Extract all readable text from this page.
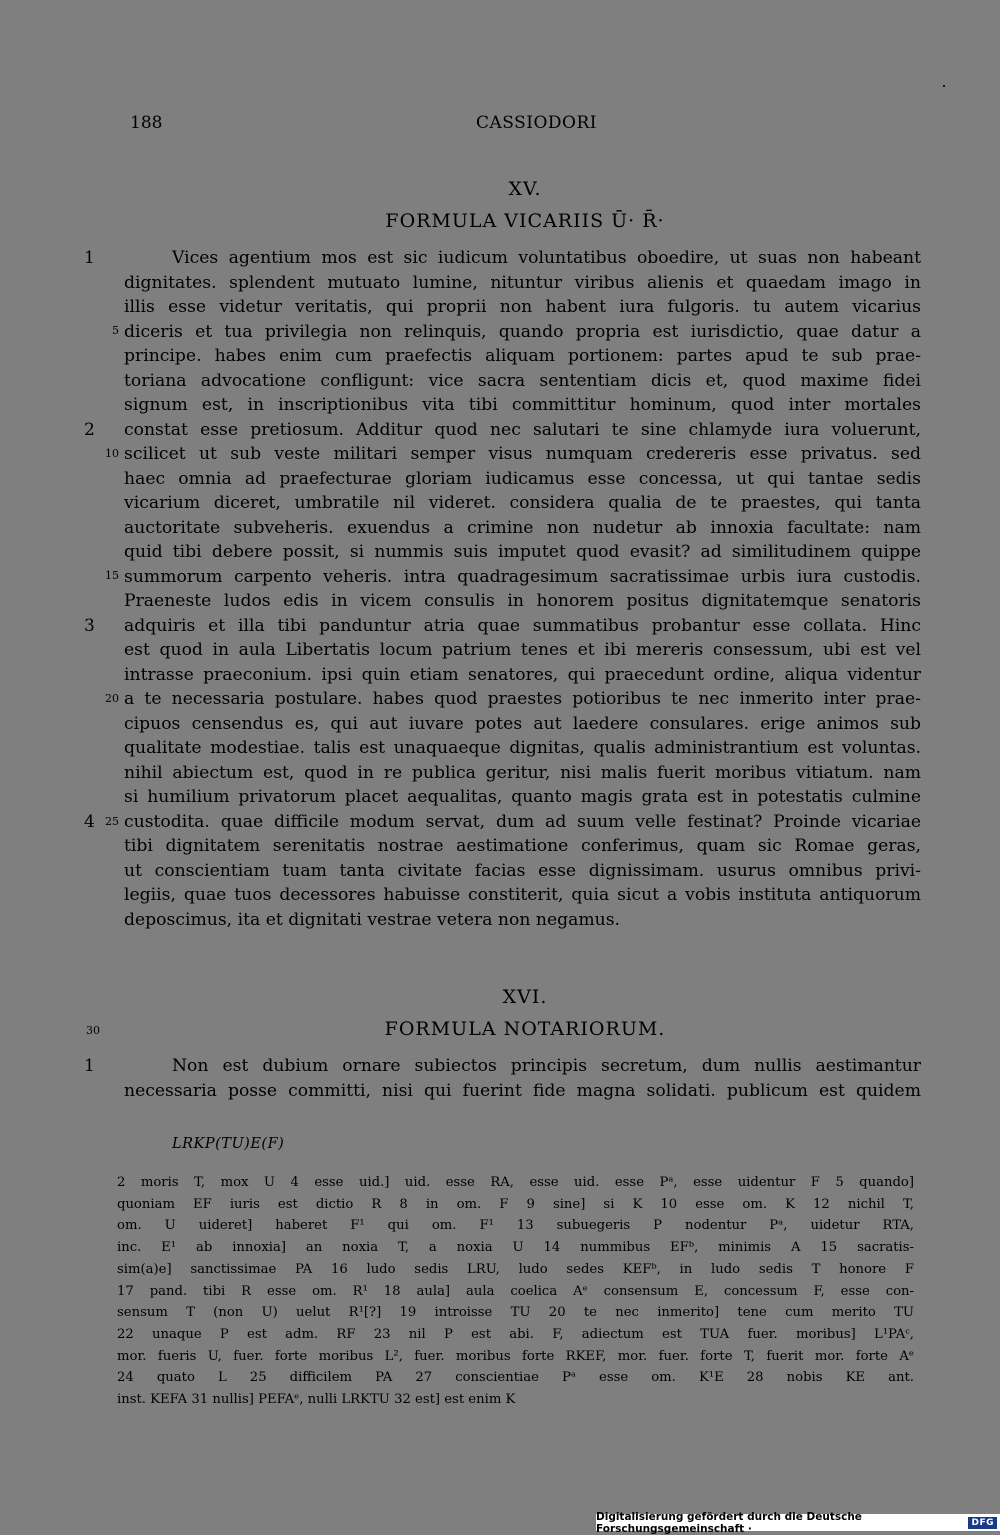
188	CASSIODORI
XV.
FORMULA VICARIIS Ū· R̄·
Vices agentium mos est sic iudicum voluntatibus oboedire, ut suas non habeant
dignitates. splendent mutuato lumine, nituntur viribus alienis et quaedam imago in
illis esse videtur veritatis, qui proprii non habent iura fulgoris. tu autem vicarius
diceris et tua privilegia non relinquis, quando propria est iurisdictio, quae datur a
principe. habes enim cum praefectis aliquam portionem: partes apud te sub prae-
toriana advocatione confligunt: vice sacra sententiam dicis et, quod maxime fidei
signum est, in inscriptionibus vita tibi committitur hominum, quod inter mortales
constat esse pretiosum. Additur quod nec salutari te sine chlamyde iura voluerunt,
scilicet ut sub veste militari semper visus numquam credereris esse privatus. sed
haec omnia ad praefecturae gloriam iudicamus esse concessa, ut qui tantae sedis
vicarium diceret, umbratile nil videret. considera qualia de te praestes, qui tanta
auctoritate subveheris. exuendus a crimine non nudetur ab innoxia facultate: nam
quid tibi debere possit, si nummis suis imputet quod evasit? ad similitudinem quippe
summorum carpento veheris. intra quadragesimum sacratissimae urbis iura custodis.
Praeneste ludos edis in vicem consulis in honorem positus dignitatemque senatoris
adquiris et illa tibi panduntur atria quae summatibus probantur esse collata. Hinc
est quod in aula Libertatis locum patrium tenes et ibi mereris consessum, ubi est vel
intrasse praeconium. ipsi quin etiam senatores, qui praecedunt ordine, aliqua videntur
a te necessaria postulare. habes quod praestes potioribus te nec inmerito inter prae-
cipuos censendus es, qui aut iuvare potes aut laedere consulares. erige animos sub
qualitate modestiae. talis est unaquaeque dignitas, qualis administrantium est voluntas.
nihil abiectum est, quod in re publica geritur, nisi malis fuerit moribus vitiatum. nam
si humilium privatorum placet aequalitas, quanto magis grata est in potestatis culmine
custodita. quae difficile modum servat, dum ad suum velle festinat? Proinde vicariae
tibi dignitatem serenitatis nostrae aestimatione conferimus, quam sic Romae geras,
ut conscientiam tuam tanta civitate facias esse dignissimam. usurus omnibus privi-
legiis, quae tuos decessores habuisse constiterit, quia sicut a vobis instituta antiquorum
deposcimus, ita et dignitati vestrae vetera non negamus.
1
2
3
4
5
10
15
20
25
XVI.
FORMULA NOTARIORUM.
30
Non est dubium ornare subiectos principis secretum, dum nullis aestimantur
necessaria posse committi, nisi qui fuerint fide magna solidati. publicum est quidem
1
LRKP(TU)E(F)
2 moris T, mox U 4 esse uid.] uid. esse RA, esse uid. esse Pᵃ, esse uidentur F 5 quando]
quoniam EF iuris est dictio R 8 in om. F 9 sine] si K 10 esse om. K 12 nichil T,
om. U uideret] haberet F¹ qui om. F¹ 13 subuegeris P nodentur Pᵃ, uidetur RTA,
inc. E¹ ab innoxia] an noxia T, a noxia U 14 nummibus EFᵇ, minimis A 15 sacratis-
sim(a)e] sanctissimae PA 16 ludo sedis LRU, ludo sedes KEFᵇ, in ludo sedis T honore F
17 pand. tibi R esse om. R¹ 18 aula] aula coelica Aᵉ consensum E, concessum F, esse con-
sensum T (non U) uelut R¹[?] 19 introisse TU 20 te nec inmerito] tene cum merito TU
22 unaque P est adm. RF 23 nil P est abi. F, adiectum est TUA fuer. moribus] L¹PAᶜ,
mor. fueris U, fuer. forte moribus L², fuer. moribus forte RKEF, mor. fuer. forte T, fuerit mor. forte Aᵉ
24 quato L 25 difficilem PA 27 conscientiae Pᵃ esse om. K¹E 28 nobis KE ant.
inst. KEFA 31 nullis] PEFAᵉ, nulli LRKTU 32 est] est enim K
Digitalisierung gefördert durch die Deutsche Forschungsgemeinschaft ·	DFG
